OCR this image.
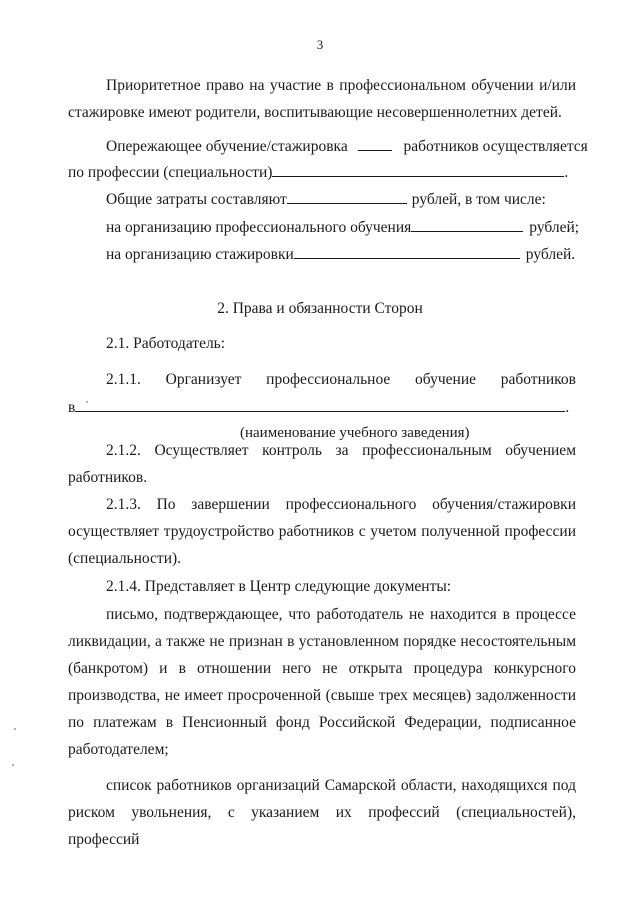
3
Приоритетное право на участие в профессиональном обучении и/или
стажировке имеют родители, воспитывающие несовершеннолетних детей.
Опережающее обучение/стажировка	работников осуществляется
по профессии (специальности)	.
Общие затраты составляют	рублей, в том числе:
на организацию профессионального обучения	рублей;
на организацию стажировки	рублей.
2. Права и обязанности Сторон
2.1. Работодатель:
2.1.1. Организует профессиональное обучение работников
в	.
(наименование учебного заведения)
2.1.2. Осуществляет контроль за профессиональным обучением
работников.
2.1.3. По завершении профессионального обучения/стажировки
осуществляет трудоустройство работников с учетом полученной профессии
(специальности).
2.1.4. Представляет в Центр следующие документы:
письмо, подтверждающее, что работодатель не находится в процессе
ликвидации, а также не признан в установленном порядке несостоятельным
(банкротом) и в отношении него не открыта процедура конкурсного
производства, не имеет просроченной (свыше трех месяцев) задолженности
по платежам в Пенсионный фонд Российской Федерации, подписанное
работодателем;
список работников организаций Самарской области, находящихся под
риском увольнения, с указанием их профессий (специальностей), профессий
